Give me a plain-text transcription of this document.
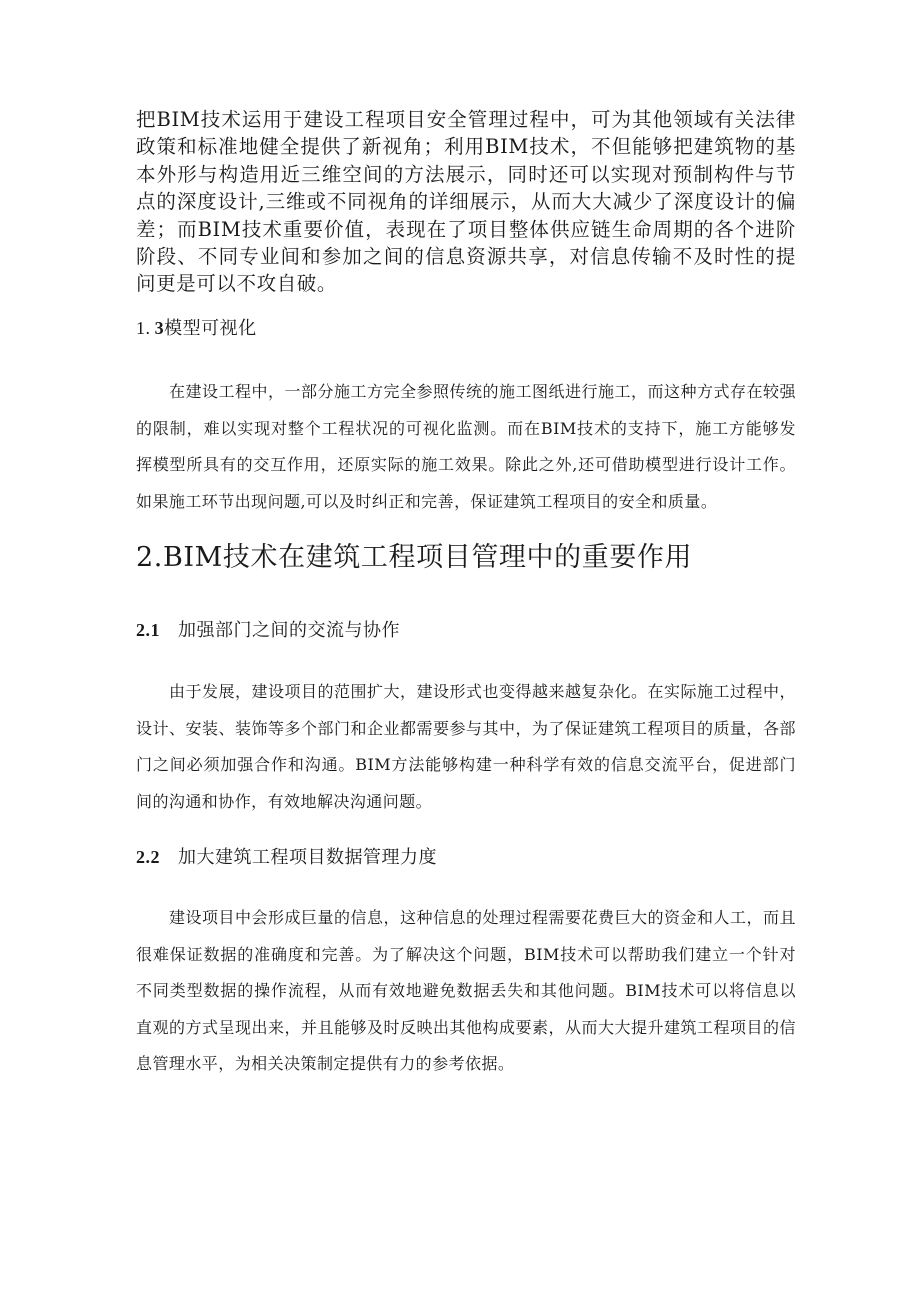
把BIM技术运用于建设工程项目安全管理过程中，可为其他领域有关法律政策和标准地健全提供了新视角；利用BIM技术，不但能够把建筑物的基本外形与构造用近三维空间的方法展示，同时还可以实现对预制构件与节点的深度设计,三维或不同视角的详细展示，从而大大减少了深度设计的偏差；而BIM技术重要价值，表现在了项目整体供应链生命周期的各个进阶阶段、不同专业间和参加之间的信息资源共享，对信息传输不及时性的提问更是可以不攻自破。

1.  3模型可视化

在建设工程中，一部分施工方完全参照传统的施工图纸进行施工，而这种方式存在较强的限制，难以实现对整个工程状况的可视化监测。而在BIM技术的支持下，施工方能够发挥模型所具有的交互作用，还原实际的施工效果。除此之外,还可借助模型进行设计工作。如果施工环节出现问题,可以及时纠正和完善，保证建筑工程项目的安全和质量。

2.BIM技术在建筑工程项目管理中的重要作用
2.1 加强部门之间的交流与协作

由于发展，建设项目的范围扩大，建设形式也变得越来越复杂化。在实际施工过程中，设计、安装、装饰等多个部门和企业都需要参与其中，为了保证建筑工程项目的质量，各部门之间必须加强合作和沟通。BIM方法能够构建一种科学有效的信息交流平台，促进部门间的沟通和协作，有效地解决沟通问题。

2.2 加大建筑工程项目数据管理力度

建设项目中会形成巨量的信息，这种信息的处理过程需要花费巨大的资金和人工，而且很难保证数据的准确度和完善。为了解决这个问题，BIM技术可以帮助我们建立一个针对不同类型数据的操作流程，从而有效地避免数据丢失和其他问题。BIM技术可以将信息以直观的方式呈现出来，并且能够及时反映出其他构成要素，从而大大提升建筑工程项目的信息管理水平，为相关决策制定提供有力的参考依据。
